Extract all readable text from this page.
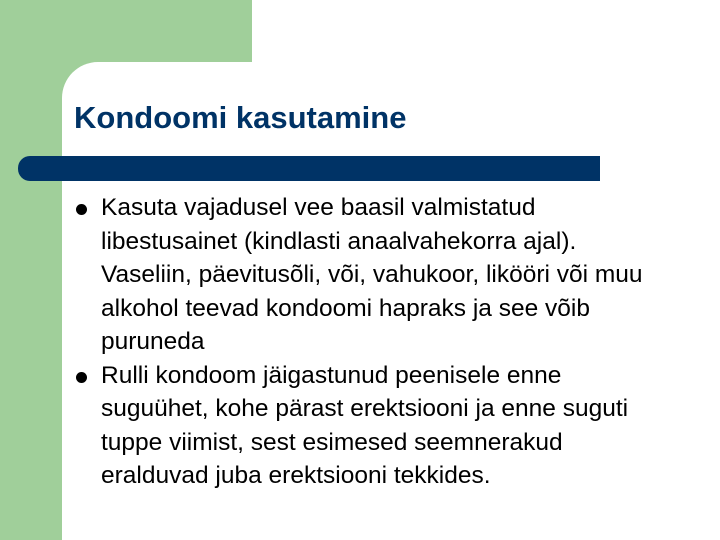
Kondoomi kasutamine
Kasuta vajadusel vee baasil valmistatud libestusainet (kindlasti anaalvahekorra ajal). Vaseliin, päevitusõli, või, vahukoor, likööri või muu alkohol teevad kondoomi hapraks ja see võib puruneda
Rulli kondoom jäigastunud peenisele enne suguühet, kohe pärast erektsiooni ja enne suguti tuppe viimist, sest esimesed seemnerakud eralduvad juba erektsiooni tekkides.
